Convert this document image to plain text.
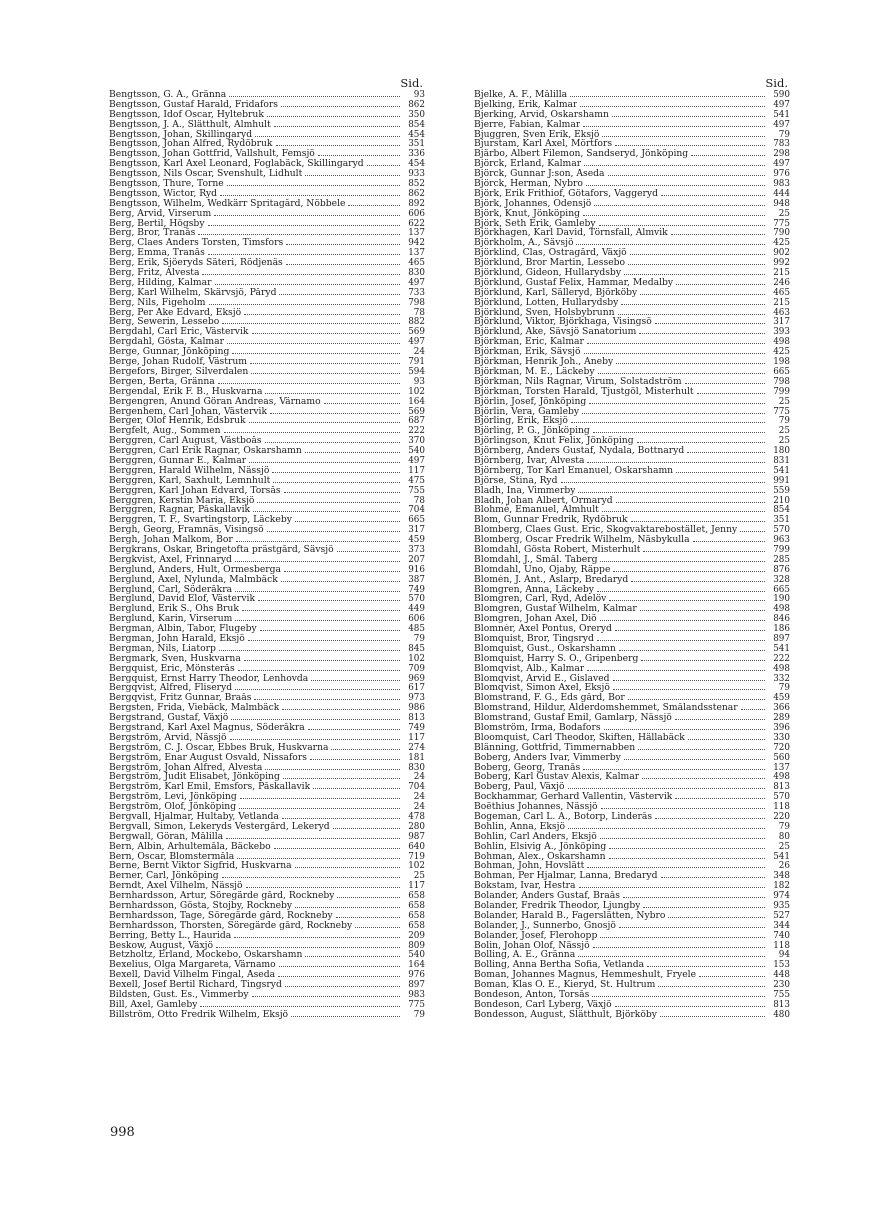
Sid.
Bengtsson, G. A., Gränna	93
Bengtsson, Gustaf Harald, Fridafors	862
Bengtsson, Idof Oscar, Hyltebruk	350
Bengtsson, J. A., Slätthult, Älmhult	854
Bengtsson, Johan, Skillingaryd	454
Bengtsson, Johan Alfred, Rydöbruk	351
Bengtsson, Johan Gottfrid, Vallshult, Femsjö	336
Bengtsson, Karl Axel Leonard, Foglabäck, Skillingaryd	454
Bengtsson, Nils Oscar, Svenshult, Lidhult	933
Bengtsson, Thure, Torne	852
Bengtsson, Wictor, Ryd	862
Bengtsson, Wilhelm, Wedkärr Spritagård, Nöbbele	892
Berg, Arvid, Virserum	606
Berg, Bertil, Högsby	622
Berg, Bror, Tranås	137
Berg, Claes Anders Torsten, Timsfors	942
Berg, Emma, Tranås	137
Berg, Erik, Sjöeryds Säteri, Rödjenäs	465
Berg, Fritz, Alvesta	830
Berg, Hilding, Kalmar	497
Berg, Karl Wilhelm, Skärvsjö, Påryd	733
Berg, Nils, Figeholm	798
Berg, Per Åke Edvard, Eksjö	78
Berg, Sewerin, Lessebo	882
Bergdahl, Carl Eric, Västervik	569
Bergdahl, Gösta, Kalmar	497
Berge, Gunnar, Jönköping	24
Berge, Johan Rudolf, Västrum	791
Bergefors, Birger, Silverdalen	594
Bergen, Berta, Gränna	93
Bergendal, Erik F. B., Huskvarna	102
Bergengren, Anund Göran Andreas, Värnamo	164
Bergenhem, Carl Johan, Västervik	569
Berger, Olof Henrik, Edsbruk	687
Bergfelt, Aug., Sommen	222
Berggren, Carl August, Västboås	370
Berggren, Carl Erik Ragnar, Oskarshamn	540
Berggren, Gunnar E., Kalmar	497
Berggren, Harald Wilhelm, Nässjö	117
Berggren, Karl, Saxhult, Lemnhult	475
Berggren, Karl Johan Edvard, Torsås	755
Berggren, Kerstin Maria, Eksjö	78
Berggren, Ragnar, Påskallavik	704
Berggren, T. F., Svartingstorp, Läckeby	665
Bergh, Georg, Framnäs, Visingsö	317
Bergh, Johan Malkom, Bor	459
Bergkrans, Oskar, Bringetofta prästgård, Sävsjö	373
Bergkvist, Axel, Frinnaryd	207
Berglund, Anders, Hult, Ormesberga	916
Berglund, Axel, Nylunda, Malmbäck	387
Berglund, Carl, Söderåkra	749
Berglund, David Elof, Västervik	570
Berglund, Erik S., Ohs Bruk	449
Berglund, Karin, Virserum	606
Bergman, Albin, Tabor, Flugeby	485
Bergman, John Harald, Eksjö	79
Bergman, Nils, Liatorp	845
Bergmark, Sven, Huskvarna	102
Bergquist, Eric, Mönsterås	709
Bergquist, Ernst Harry Theodor, Lenhovda	969
Bergqvist, Alfred, Fliseryd	617
Bergqvist, Fritz Gunnar, Braås	973
Bergsten, Frida, Viebäck, Malmbäck	986
Bergstrand, Gustaf, Växjö	813
Bergstrand, Karl Axel Magnus, Söderåkra	749
Bergström, Arvid, Nässjö	117
Bergström, C. J. Oscar, Ebbes Bruk, Huskvarna	274
Bergström, Enar August Osvald, Nissafors	181
Bergström, Johan Alfred, Alvesta	830
Bergström, Judit Elisabet, Jönköping	24
Bergström, Karl Emil, Emsfors, Påskallavik	704
Bergström, Levi, Jönköping	24
Bergström, Olof, Jönköping	24
Bergvall, Hjalmar, Hultaby, Vetlanda	478
Bergvall, Simon, Lekeryds Vestergård, Lekeryd	280
Bergwall, Göran, Målilla	987
Bern, Albin, Arhultemåla, Bäckebo	640
Bern, Oscar, Blomstermåla	719
Berne, Bernt Viktor Sigfrid, Huskvarna	102
Berner, Carl, Jönköping	25
Berndt, Axel Vilhelm, Nässjö	117
Bernhardsson, Artur, Söregärde gård, Rockneby	658
Bernhardsson, Gösta, Stojby, Rockneby	658
Bernhardsson, Tage, Söregärde gård, Rockneby	658
Bernhardsson, Thorsten, Söregärde gård, Rockneby	658
Berring, Betty L., Haurida	209
Beskow, August, Växjö	809
Betzholtz, Erland, Mockebo, Oskarshamn	540
Bexelius, Olga Margareta, Värnamo	164
Bexell, David Vilhelm Fingal, Åseda	976
Bexell, Josef Bertil Richard, Tingsryd	897
Bildsten, Gust. Es., Vimmerby	983
Bill, Axel, Gamleby	775
Billström, Otto Fredrik Wilhelm, Eksjö	79
Sid.
Bjelke, A. F., Målilla	590
Bjelking, Erik, Kalmar	497
Bjerking, Arvid, Oskarshamn	541
Bjerre, Fabian, Kalmar	497
Bjuggren, Sven Erik, Eksjö	79
Bjurstam, Karl Axel, Mörtfors	783
Bjärbo, Albert Filemon, Sandseryd, Jönköping	298
Björck, Erland, Kalmar	497
Björck, Gunnar J:son, Åseda	976
Björck, Herman, Nybro	983
Björk, Erik Frithiof, Götafors, Vaggeryd	444
Björk, Johannes, Odensjö	948
Björk, Knut, Jönköping	25
Björk, Seth Erik, Gamleby	775
Björkhagen, Karl David, Törnsfall, Almvik	790
Björkholm, A., Sävsjö	425
Björklind, Clas, Östragård, Växjö	902
Björklund, Bror Martin, Lessebo	992
Björklund, Gideon, Hullarydsby	215
Björklund, Gustaf Felix, Hammar, Medalby	246
Björklund, Karl, Sälleryd, Björköby	465
Björklund, Lotten, Hullarydsby	215
Björklund, Sven, Holsbybrunn	463
Björklund, Viktor, Björkhaga, Visingsö	317
Björklund, Åke, Sävsjö Sanatorium	393
Björkman, Eric, Kalmar	498
Björkman, Erik, Sävsjö	425
Björkman, Henrik Joh., Aneby	198
Björkman, M. E., Läckeby	665
Björkman, Nils Ragnar, Virum, Solstadström	798
Björkman, Torsten Harald, Tjustgöl, Misterhult	799
Björlin, Josef, Jönköping	25
Björlin, Vera, Gamleby	775
Björling, Erik, Eksjö	79
Björling, P. G., Jönköping	25
Björlingson, Knut Felix, Jönköping	25
Björnberg, Anders Gustaf, Nydala, Bottnaryd	180
Björnberg, Ivar, Alvesta	831
Björnberg, Tor Karl Emanuel, Oskarshamn	541
Björse, Stina, Ryd	991
Bladh, Ina, Vimmerby	559
Bladh, Johan Albert, Ormaryd	210
Blohmé, Emanuel, Älmhult	854
Blom, Gunnar Fredrik, Rydöbruk	351
Blomberg, Claes Gust. Eric, Skogvaktareboställe​t, Jenny	570
Blomberg, Oscar Fredrik Wilhelm, Näsbykulla	963
Blomdahl, Gösta Robert, Misterhult	799
Blomdahl, J., Smål. Taberg	285
Blomdahl, Uno, Öjaby, Räppe	876
Blomén, J. Ant., Åslarp, Bredaryd	328
Blomgren, Anna, Läckeby	665
Blomgren, Carl, Ryd, Adelöv	190
Blomgren, Gustaf Wilhelm, Kalmar	498
Blomgren, Johan Axel, Diö	846
Blomnér, Axel Pontus, Öreryd	186
Blomquist, Bror, Tingsryd	897
Blomquist, Gust., Oskarshamn	541
Blomquist, Harry S. O., Gripenberg	222
Blomqvist, Alb., Kalmar	498
Blomqvist, Arvid E., Gislaved	332
Blomqvist, Simon Axel, Eksjö	79
Blomstrand, F. G., Eds gård, Bor	459
Blomstrand, Hildur, Ålderdomshemmet, Smålandsstenar	366
Blomstrand, Gustaf Emil, Gamlarp, Nässjö	289
Blomström, Irma, Bodafors	396
Bloomquist, Carl Theodor, Skiften, Hällabäck	330
Blänning, Gottfrid, Timmernabben	720
Boberg, Anders Ivar, Vimmerby	560
Boberg, Georg, Tranås	137
Boberg, Karl Gustav Alexis, Kalmar	498
Boberg, Paul, Växjö	813
Bockhammar, Gerhard Vallentin, Västervik	570
Boëthius Johannes, Nässjö	118
Bogeman, Carl L. A., Botorp, Linderås	220
Bohlin, Anna, Eksjö	79
Bohlin, Carl Anders, Eksjö	80
Bohlin, Elsivig A., Jönköping	25
Bohman, Alex., Oskarshamn	541
Bohman, John, Hovslätt	26
Bohman, Per Hjalmar, Lanna, Bredaryd	348
Bokstam, Ivar, Hestra	182
Bolander, Anders Gustaf, Braås	974
Bolander, Fredrik Theodor, Ljungby	935
Bolander, Harald B., Fagerslätten, Nybro	527
Bolander, J., Sunnerbo, Gnosjö	344
Bolander, Josef, Flerohopp	740
Bolin, Johan Olof, Nässjö	118
Bolling, A. E., Gränna	94
Bolling, Anna Bertha Sofia, Vetlanda	153
Boman, Johannes Magnus, Hemmeshult, Fryele	448
Boman, Klas O. E., Kieryd, St. Hultrum	230
Bondeson, Anton, Torsås	755
Bondeson, Carl Lyberg, Växjö	813
Bondesson, August, Slätthult, Björköby	480
998
